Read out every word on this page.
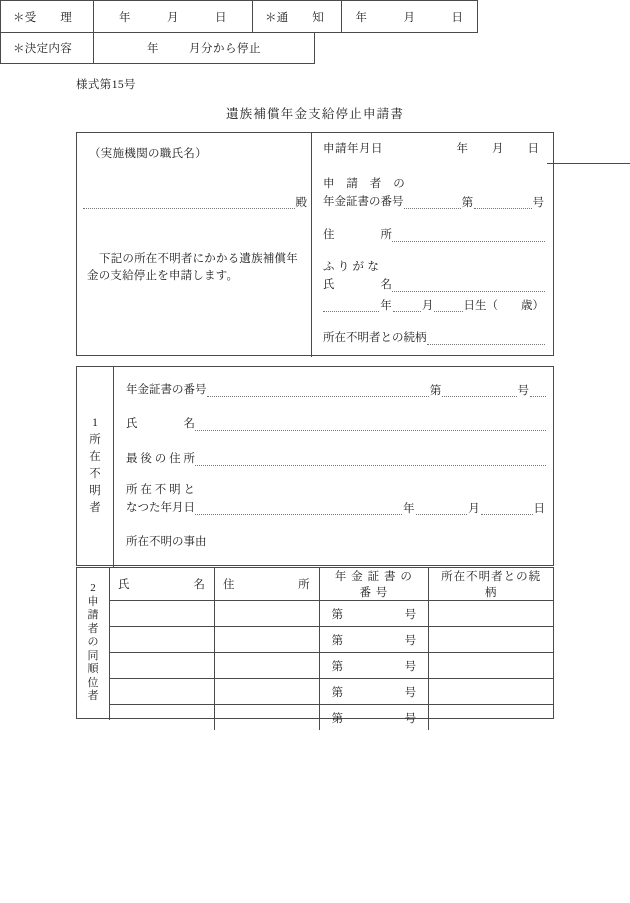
様式第15号
遺族補償年金支給停止申請書
（実施機関の職氏名）
殿
下記の所在不明者にかかる遺族補償年金の支給停止を申請します。
申請年月日	年 月 日
申　請　者　の
年金証書の番号	第	号
住　　　　所
ふ り が な
氏　　　　名
年	月	日生（　　歳）
所在不明者との続柄
1
所
在
不
明
者
年金証書の番号	第	号
氏　　　　名
最 後 の 住 所
所 在 不 明 と
なつた年月日	年	月	日
所在不明の事由
2
申
請
者
の
同
順
位
者
氏 名	住 所	年 金 証 書 の 番 号	所在不明者との続柄

		第 号	

		第 号	

		第 号	

		第 号	

		第 号	

＊受　　理	年	月	日	＊通　　知	年	月	日
＊決定内容	年	月分から停止
